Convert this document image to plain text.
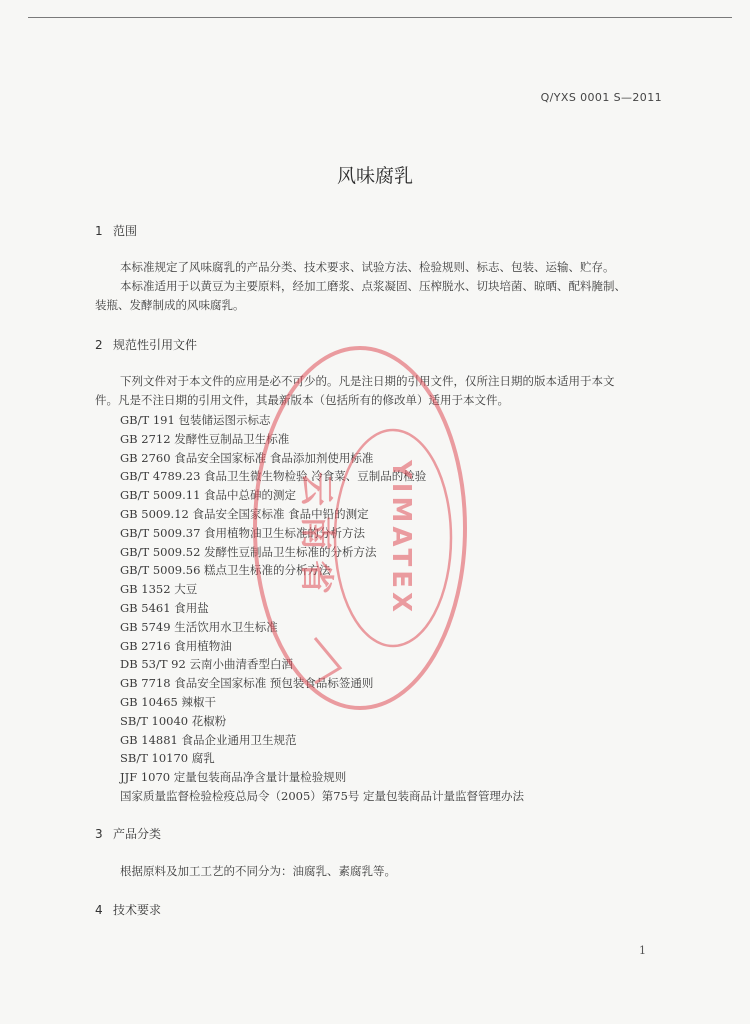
Q/YXS 0001 S—2011
风味腐乳
1 范围
本标准规定了风味腐乳的产品分类、技术要求、试验方法、检验规则、标志、包装、运输、贮存。
本标准适用于以黄豆为主要原料，经加工磨浆、点浆凝固、压榨脱水、切块培菌、晾晒、配料腌制、
装瓶、发酵制成的风味腐乳。
2 规范性引用文件
下列文件对于本文件的应用是必不可少的。凡是注日期的引用文件，仅所注日期的版本适用于本文
件。凡是不注日期的引用文件，其最新版本（包括所有的修改单）适用于本文件。
GB/T 191 包装储运图示标志
GB 2712 发酵性豆制品卫生标准
GB 2760 食品安全国家标准 食品添加剂使用标准
GB/T 4789.23 食品卫生微生物检验 冷食菜、豆制品的检验
GB/T 5009.11 食品中总砷的测定
GB 5009.12 食品安全国家标准 食品中铅的测定
GB/T 5009.37 食用植物油卫生标准的分析方法
GB/T 5009.52 发酵性豆制品卫生标准的分析方法
GB/T 5009.56 糕点卫生标准的分析方法
GB 1352 大豆
GB 5461 食用盐
GB 5749 生活饮用水卫生标准
GB 2716 食用植物油
DB 53/T 92 云南小曲清香型白酒
GB 7718 食品安全国家标准 预包装食品标签通则
GB 10465 辣椒干
SB/T 10040 花椒粉
GB 14881 食品企业通用卫生规范
SB/T 10170 腐乳
JJF 1070 定量包装商品净含量计量检验规则
国家质量监督检验检疫总局令（2005）第75号 定量包装商品计量监督管理办法
3 产品分类
根据原料及加工工艺的不同分为：油腐乳、素腐乳等。
4 技术要求
1
YIMATEX
云南省
